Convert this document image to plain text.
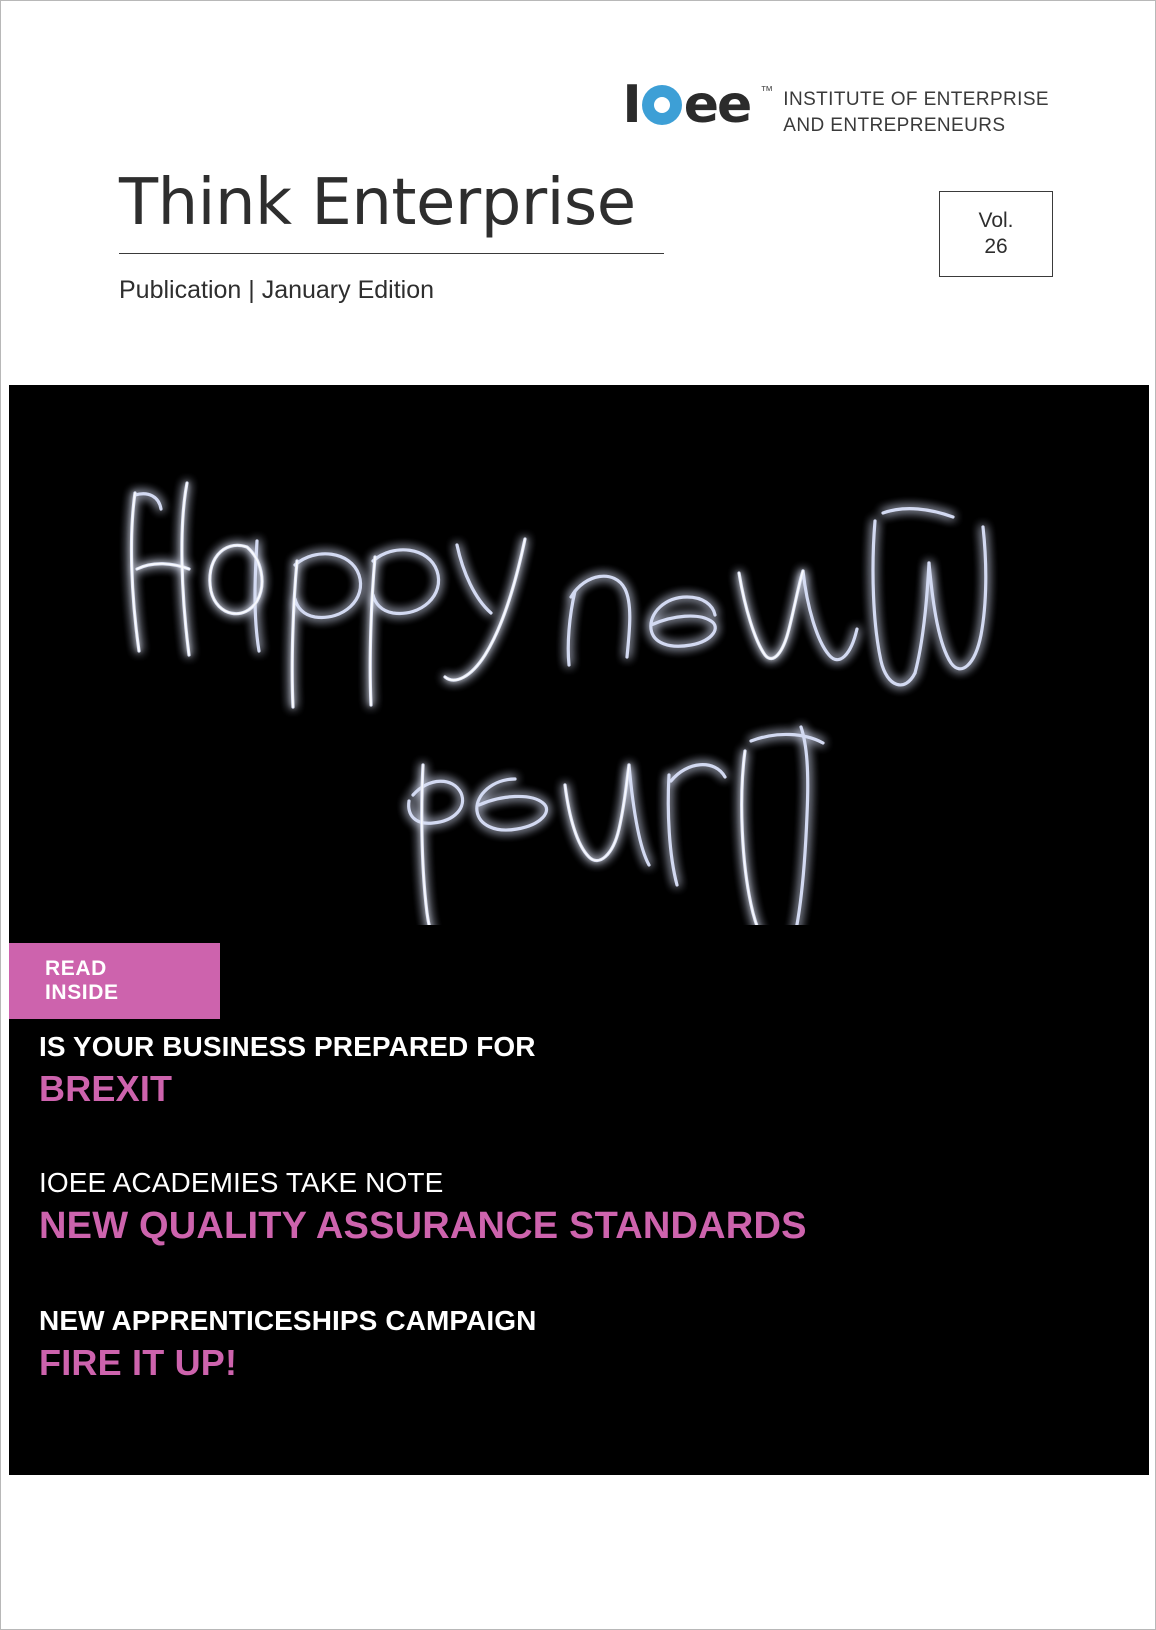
I ee ™ INSTITUTE OF ENTERPRISE
AND ENTREPRENEURS
Think Enterprise
Publication | January Edition
Vol.
26
READ INSIDE
IS YOUR BUSINESS PREPARED FOR
BREXIT
IOEE ACADEMIES TAKE NOTE
NEW QUALITY ASSURANCE STANDARDS
NEW APPRENTICESHIPS CAMPAIGN
FIRE IT UP!
